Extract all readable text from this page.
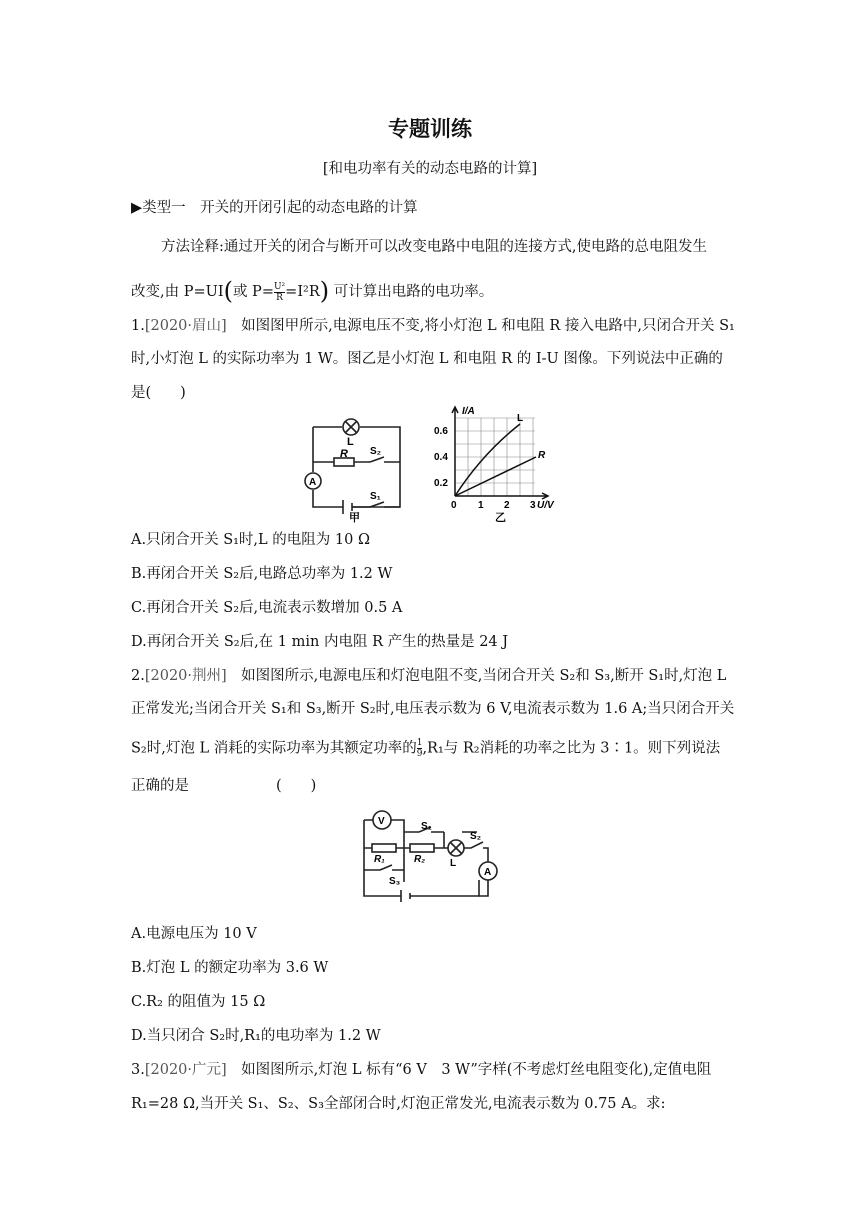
专题训练
[和电功率有关的动态电路的计算]
▶类型一　开关的开闭引起的动态电路的计算
方法诠释:通过开关的闭合与断开可以改变电路中电阻的连接方式,使电路的总电阻发生
改变,由 P=UI(或 $P= \frac{\text{U²}}{R} =I^2R$) 可计算出电路的电功率。
1.[2020·眉山]　 如图图甲所示,电源电压不变,将小灯泡 L 和电阻 R 接入电路中,只闭合开关 S₁
时,小灯泡 L 的实际功率为 1 W。图乙是小灯泡 L 和电阻 R 的 I-U 图像。下列说法中正确的
是(　　)
L
R S₂
S₁
A
甲
I/A
0.6
0.4
0.2
0 1 2 3 U/V
L
R
乙
A.只闭合开关 S₁时,L 的电阻为 10 Ω
B.再闭合开关 S₂后,电路总功率为 1.2 W
C.再闭合开关 S₂后,电流表示数增加 0.5 A
D.再闭合开关 S₂后,在 1 min 内电阻 R 产生的热量是 24 J
2.[2020·荆州]　 如图图所示,电源电压和灯泡电阻不变,当闭合开关 S₂和 S₃,断开 S₁时,灯泡 L
正常发光;当闭合开关 S₁和 S₃,断开 S₂时,电压表示数为 6 V,电流表示数为 1.6 A;当只闭合开关
S₂时,灯泡 L 消耗的实际功率为其额定功率的 $\frac{1}{9} ,R_1$与 R₂消耗的功率之比为 3∶1。则下列说法
正确的是　　　　　　(　　)
V
A
S₁
S₂
S₃
R₁	R₂ L
A.电源电压为 10 V
B.灯泡 L 的额定功率为 3.6 W
C.R₂ 的阻值为 15 Ω
D.当只闭合 S₂时,R₁的电功率为 1.2 W
3.[2020·广元]　 如图图所示,灯泡 L 标有“6 V　3 W”字样(不考虑灯丝电阻变化),定值电阻
R₁=28 Ω,当开关 S₁、S₂、S₃全部闭合时,灯泡正常发光,电流表示数为 0.75 A。求:
